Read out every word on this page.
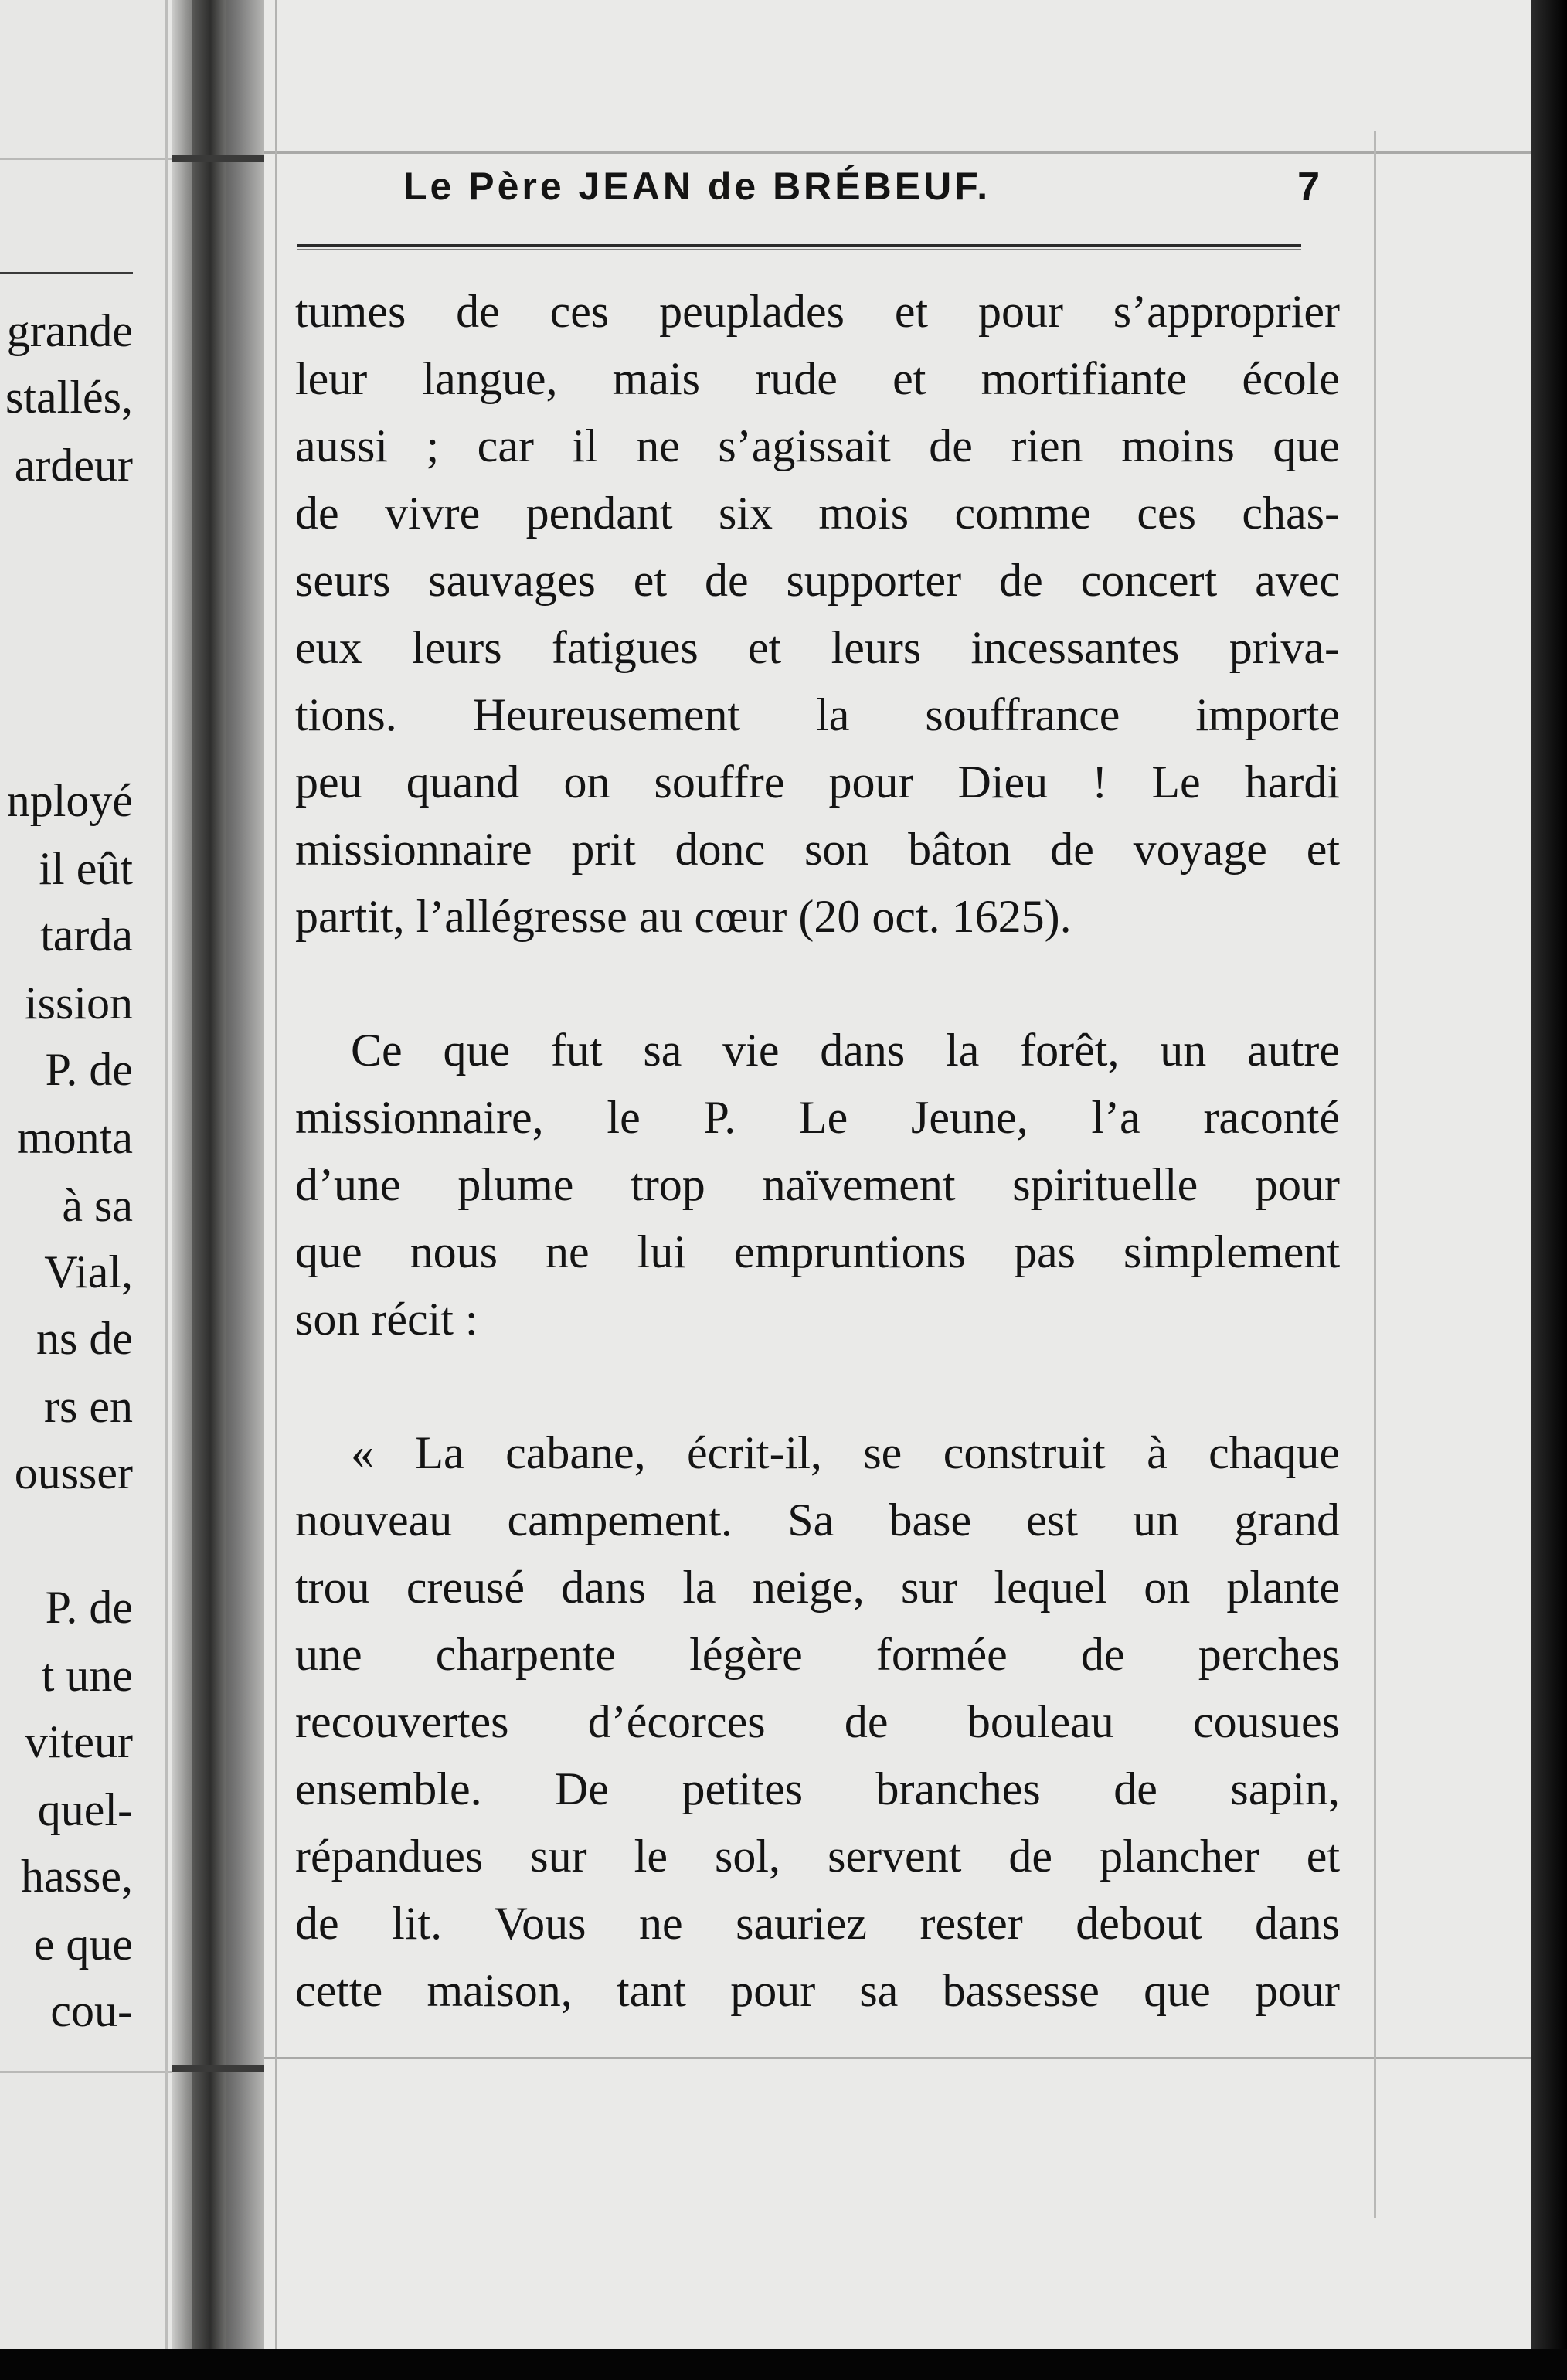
grande
stallés,
ardeur
nployé
il eût
tarda
ission
P. de
monta
à sa
Vial,
ns de
rs en
ousser
P. de
t une
viteur
quel-
hasse,
e que
cou-
Le Père JEAN de BRÉBEUF.	7
tumes de ces peuplades et pour s’approprier
leur langue, mais rude et mortifiante école
aussi ; car il ne s’agissait de rien moins que
de vivre pendant six mois comme ces chas-
seurs sauvages et de supporter de concert avec
eux leurs fatigues et leurs incessantes priva-
tions. Heureusement la souffrance importe
peu quand on souffre pour Dieu ! Le hardi
missionnaire prit donc son bâton de voyage et
partit, l’allégresse au cœur (20 oct. 1625).
Ce que fut sa vie dans la forêt, un autre
missionnaire, le P. Le Jeune, l’a raconté
d’une plume trop naïvement spirituelle pour
que nous ne lui empruntions pas simplement
son récit :
« La cabane, écrit-il, se construit à chaque
nouveau campement. Sa base est un grand
trou creusé dans la neige, sur lequel on plante
une charpente légère formée de perches
recouvertes d’écorces de bouleau cousues
ensemble. De petites branches de sapin,
répandues sur le sol, servent de plancher et
de lit. Vous ne sauriez rester debout dans
cette maison, tant pour sa bassesse que pour
